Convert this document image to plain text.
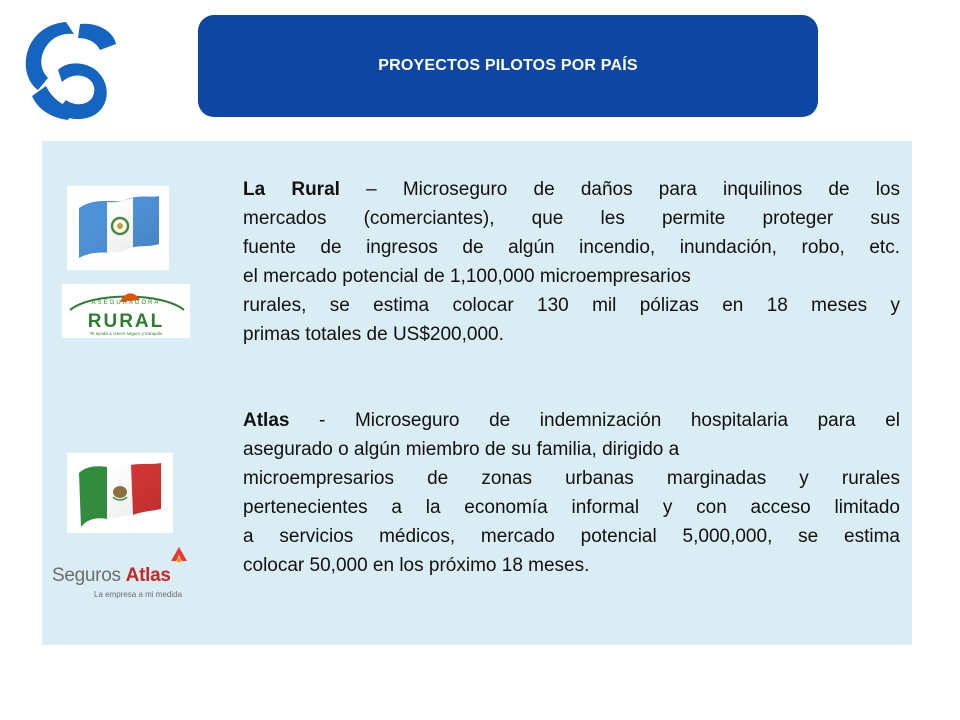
PROYECTOS PILOTOS POR PAÍS
ASEGURADORA
RURAL
Te ayuda a crecer seguro y tranquilo
Seguros Atlas
La empresa a mi medida
La Rural – Microseguro de daños para inquilinos de los
mercados (comerciantes), que les permite proteger sus
fuente de ingresos de algún incendio, inundación, robo, etc.
el mercado potencial de 1,100,000 microempresarios
rurales, se estima colocar 130 mil pólizas en 18 meses y
primas totales de US$200,000.
Atlas - Microseguro de indemnización hospitalaria para el
asegurado o algún miembro de su familia, dirigido a
microempresarios de zonas urbanas marginadas y rurales
pertenecientes a la economía informal y con acceso limitado
a servicios médicos, mercado potencial 5,000,000, se estima
colocar 50,000 en los próximo 18 meses.
